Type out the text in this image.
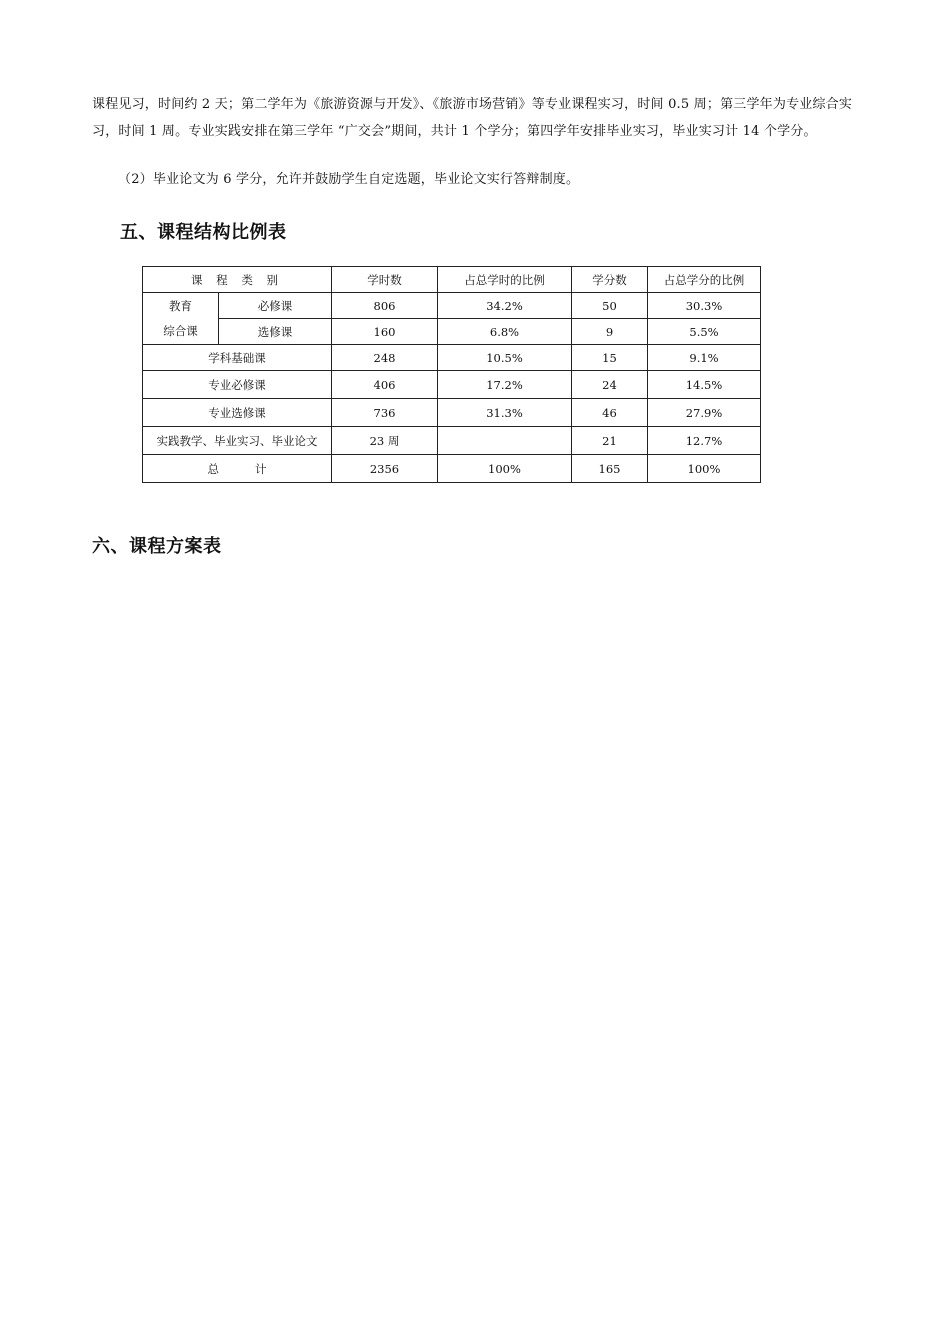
课程见习，时间约 2 天；第二学年为《旅游资源与开发》、《旅游市场营销》等专业课程实习，时间 0.5 周；第三学年为专业综合实习，时间 1 周。专业实践安排在第三学年 “广交会”期间，共计 1 个学分；第四学年安排毕业实习，毕业实习计 14 个学分。

（2）毕业论文为 6 学分，允许并鼓励学生自定选题，毕业论文实行答辩制度。

五、课程结构比例表
课 程 类 别		学时数	占总学时的比例	学分数	占总学分的比例

教育
综合课	必修课	806	34.2%	50	30.3%
	选修课	160	6.8%	9	5.5%
学科基础课		248	10.5%	15	9.1%
专业必修课		406	17.2%	24	14.5%
专业选修课		736	31.3%	46	27.9%
实践教学、毕业实习、毕业论文		23 周		21	12.7%
总 计		2356	100%	165	100%
六、课程方案表
